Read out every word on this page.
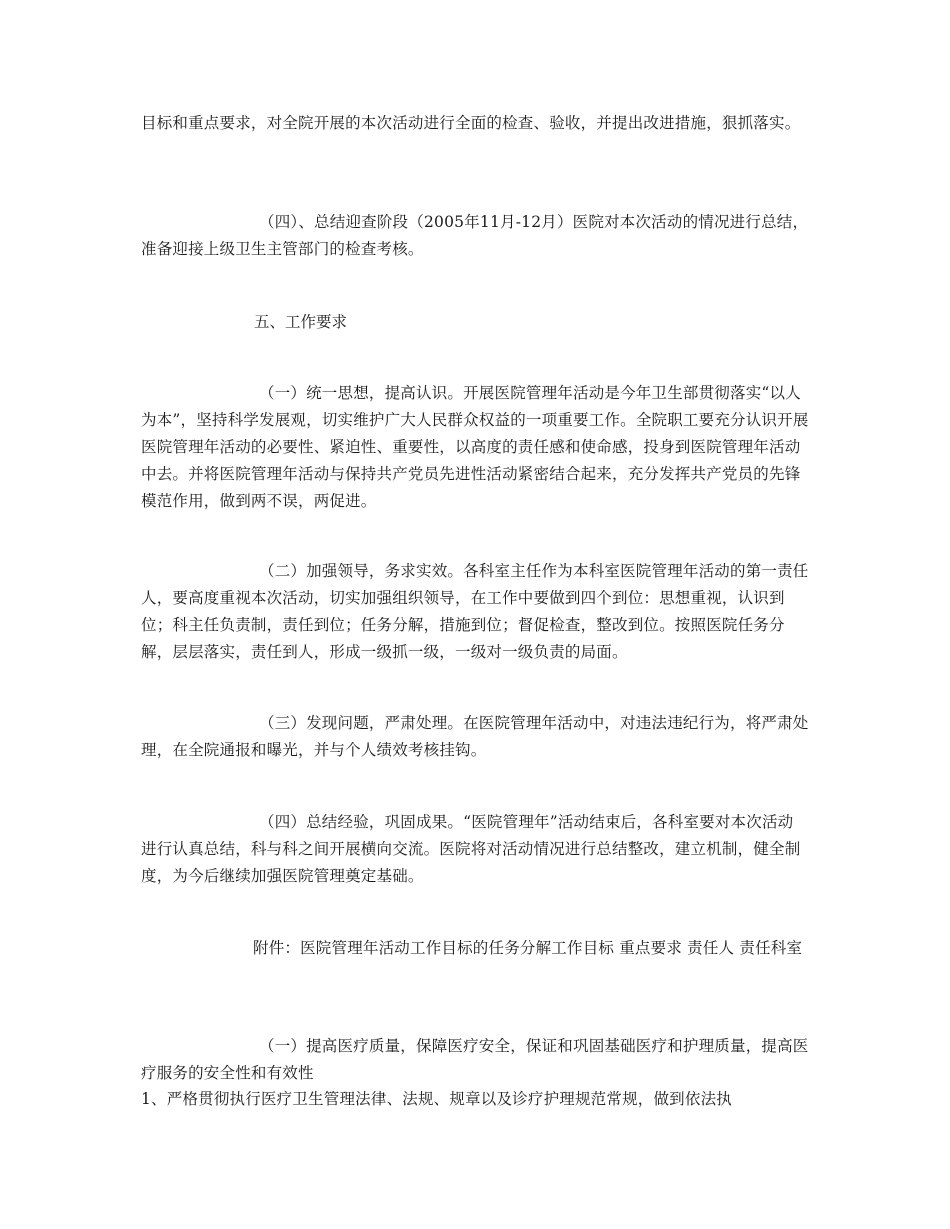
目标和重点要求，对全院开展的本次活动进行全面的检查、验收，并提出改进措施，狠抓落实。

（四）、总结迎查阶段（2005年11月-12月）医院对本次活动的情况进行总结，准备迎接上级卫生主管部门的检查考核。

五、工作要求

（一）统一思想，提高认识。开展医院管理年活动是今年卫生部贯彻落实“以人为本”，坚持科学发展观，切实维护广大人民群众权益的一项重要工作。全院职工要充分认识开展医院管理年活动的必要性、紧迫性、重要性，以高度的责任感和使命感，投身到医院管理年活动中去。并将医院管理年活动与保持共产党员先进性活动紧密结合起来，充分发挥共产党员的先锋模范作用，做到两不误，两促进。

（二）加强领导，务求实效。各科室主任作为本科室医院管理年活动的第一责任人，要高度重视本次活动，切实加强组织领导，在工作中要做到四个到位：思想重视，认识到位；科主任负责制，责任到位；任务分解，措施到位；督促检查，整改到位。按照医院任务分解，层层落实，责任到人，形成一级抓一级，一级对一级负责的局面。

（三）发现问题，严肃处理。在医院管理年活动中，对违法违纪行为，将严肃处理，在全院通报和曝光，并与个人绩效考核挂钩。

（四）总结经验，巩固成果。“医院管理年”活动结束后，各科室要对本次活动进行认真总结，科与科之间开展横向交流。医院将对活动情况进行总结整改，建立机制，健全制度，为今后继续加强医院管理奠定基础。

附件：医院管理年活动工作目标的任务分解工作目标 重点要求 责任人 责任科室

（一）提高医疗质量，保障医疗安全，保证和巩固基础医疗和护理质量，提高医疗服务的安全性和有效性

1、严格贯彻执行医疗卫生管理法律、法规、规章以及诊疗护理规范常规，做到依法执
